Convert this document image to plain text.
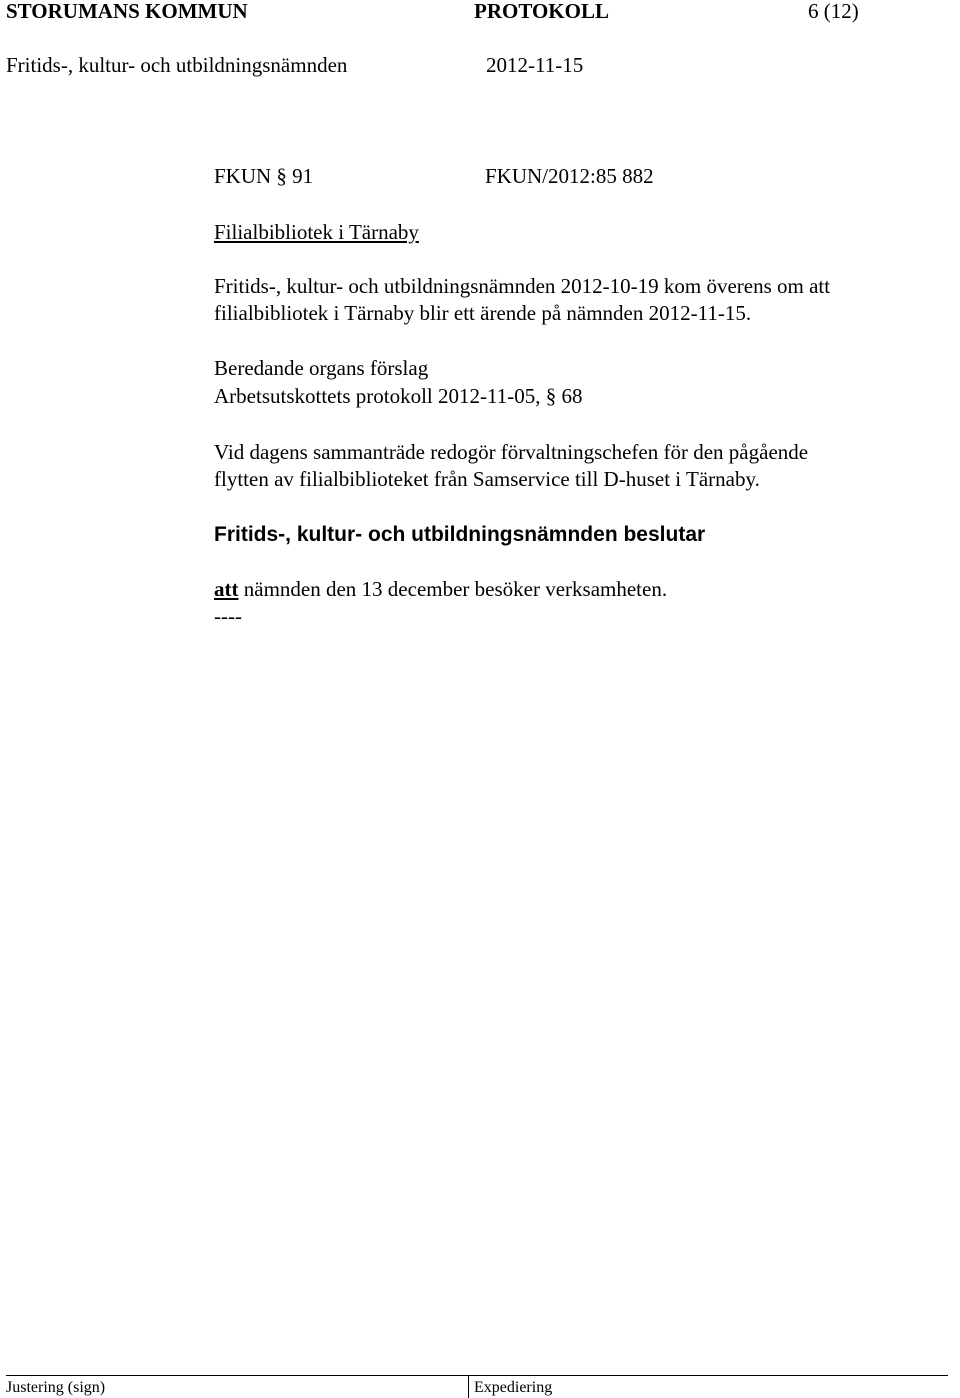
STORUMANS KOMMUN	PROTOKOLL	6 (12)
Fritids-, kultur- och utbildningsnämnden	2012-11-15
FKUN § 91	FKUN/2012:85 882
Filialbibliotek i Tärnaby
Fritids-, kultur- och utbildningsnämnden 2012-10-19 kom överens om att
filialbibliotek i Tärnaby blir ett ärende på nämnden 2012-11-15.
Beredande organs förslag
Arbetsutskottets protokoll 2012-11-05, § 68
Vid dagens sammanträde redogör förvaltningschefen för den pågående
flytten av filialbiblioteket från Samservice till D-huset i Tärnaby.
Fritids-, kultur- och utbildningsnämnden beslutar
att nämnden den 13 december besöker verksamheten.
----
Justering (sign)	Expediering
